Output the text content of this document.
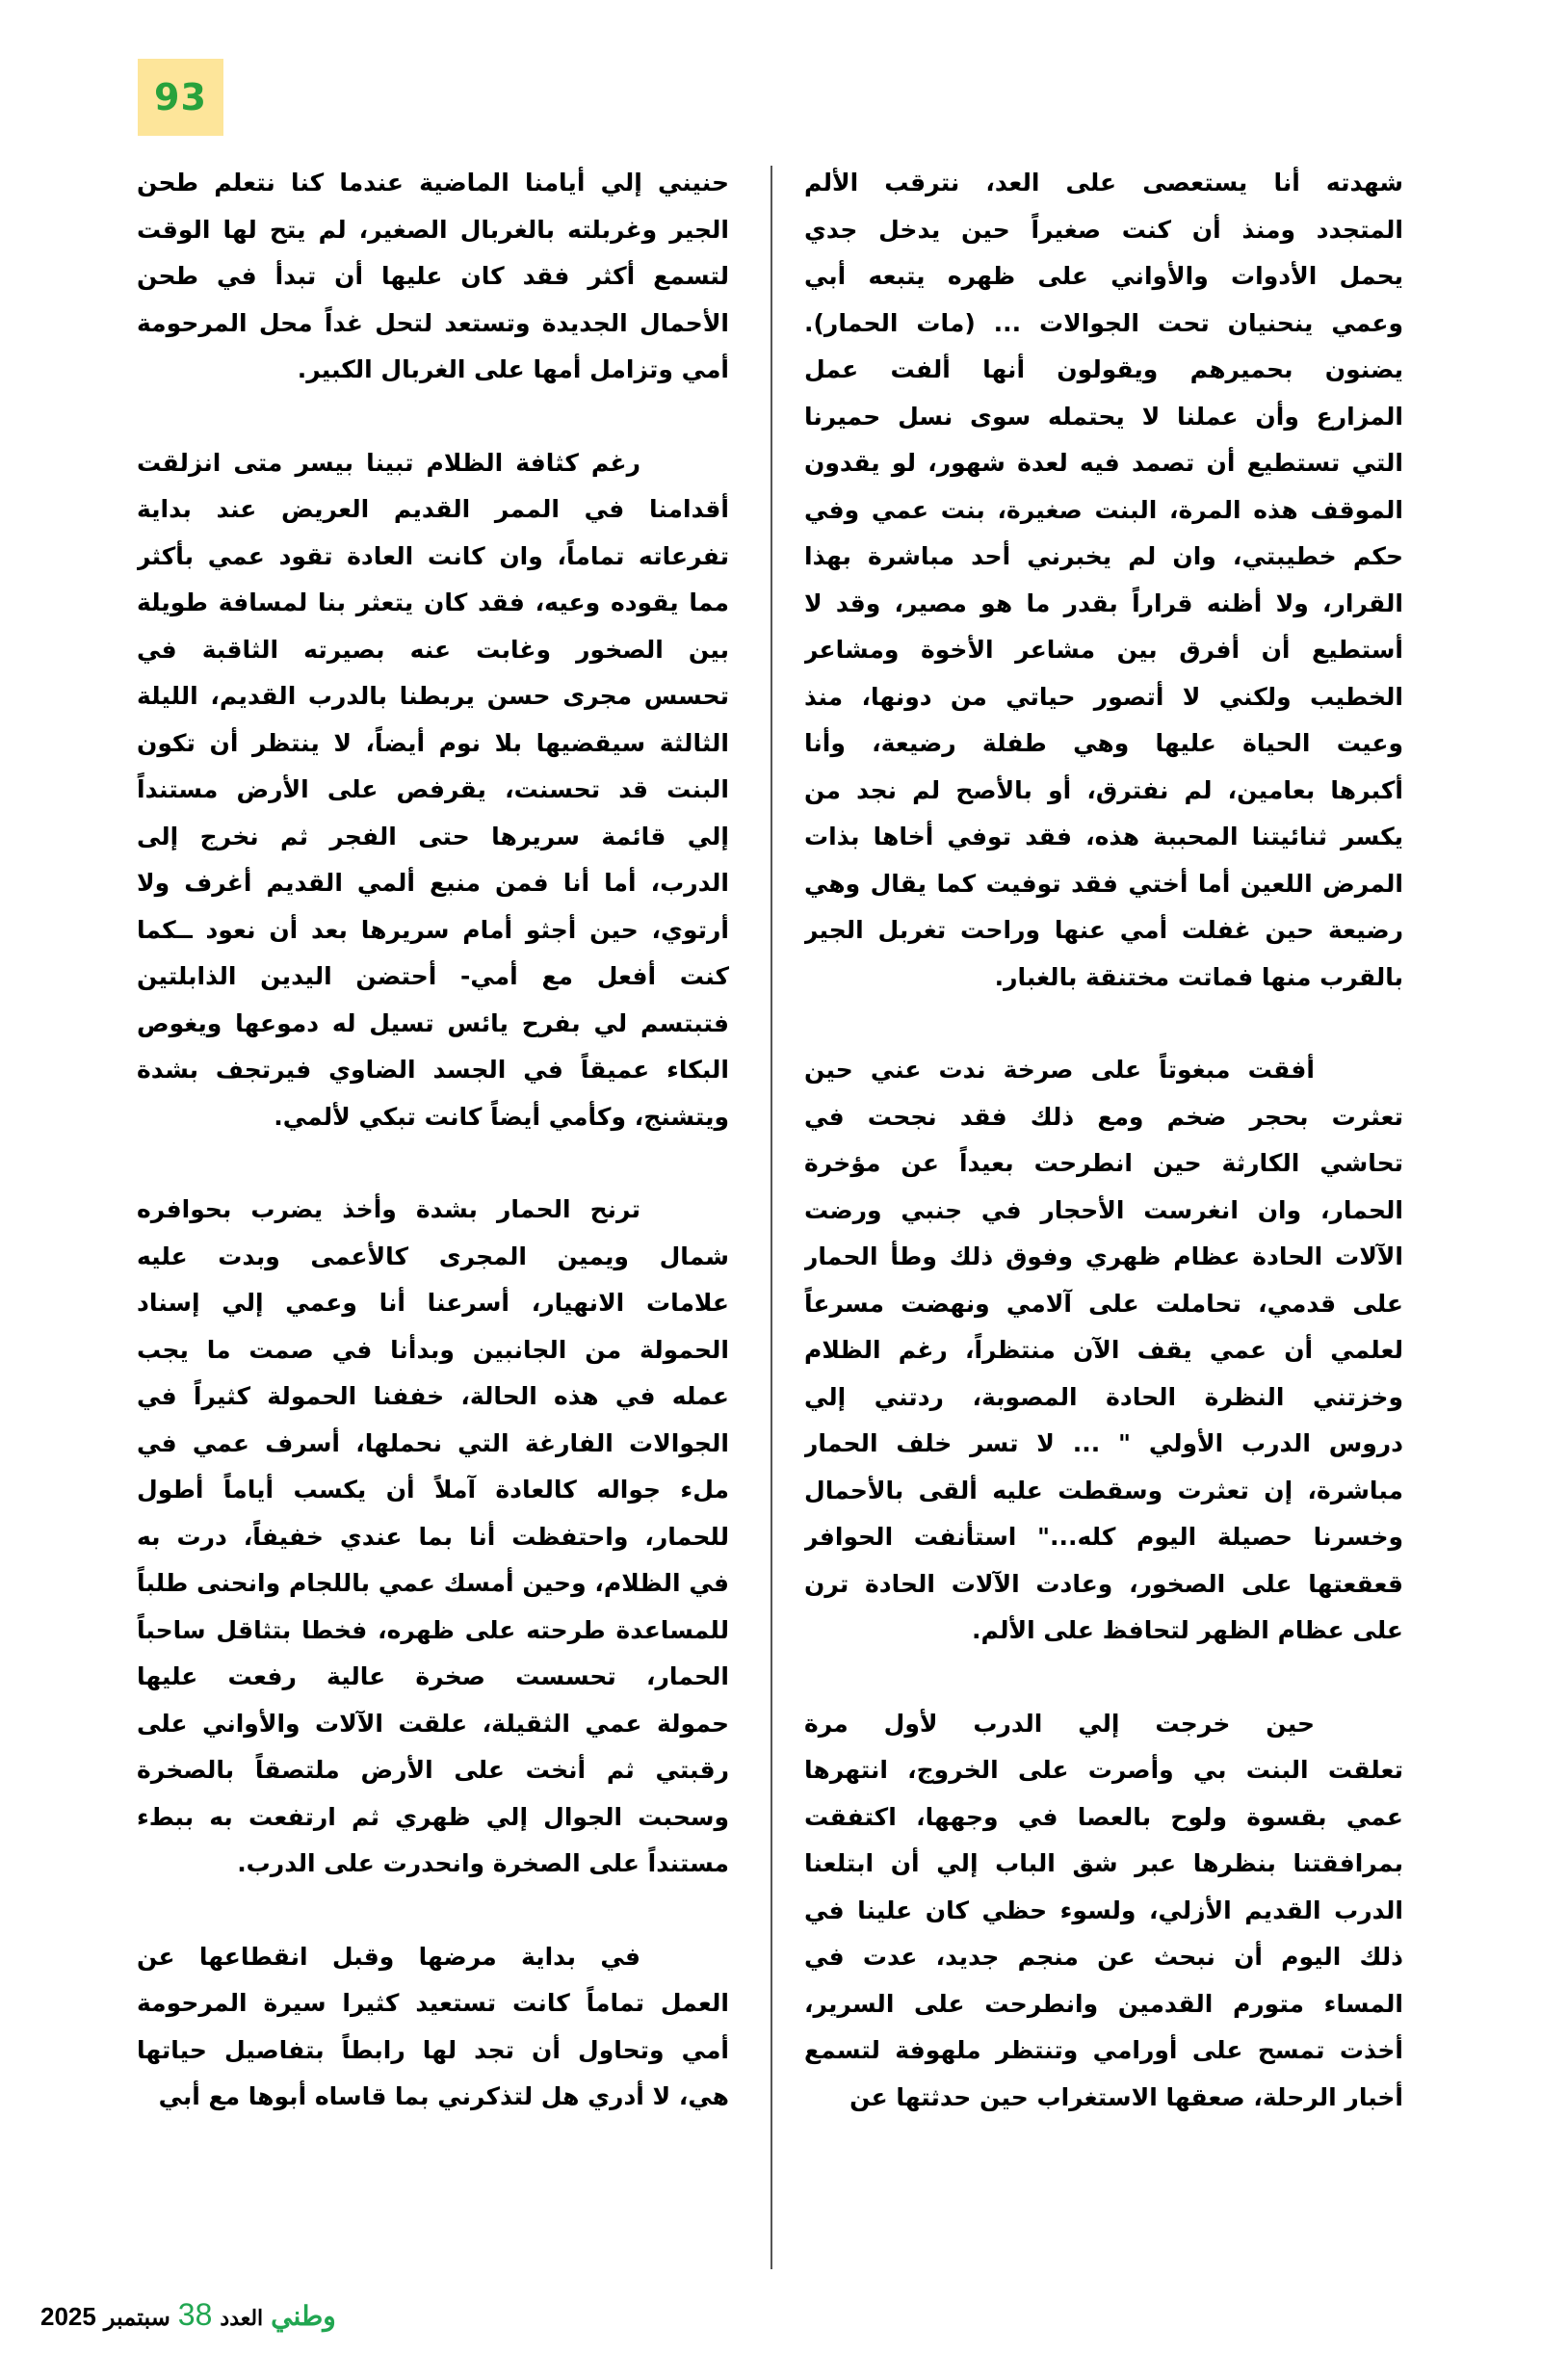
93
شهدته أنا يستعصى على العد، نترقب الألم
المتجدد ومنذ أن كنت صغيراً حين يدخل جدي
يحمل الأدوات والأواني على ظهره يتبعه أبي
وعمي ينحنيان تحت الجوالات ... (مات الحمار).
يضنون بحميرهم ويقولون أنها ألفت عمل
المزارع وأن عملنا لا يحتمله سوى نسل حميرنا
التي تستطيع أن تصمد فيه لعدة شهور، لو يقدون
الموقف هذه المرة، البنت صغيرة، بنت عمي وفي
حكم خطيبتي، وان لم يخبرني أحد مباشرة بهذا
القرار، ولا أظنه قراراً بقدر ما هو مصير، وقد لا
أستطيع أن أفرق بين مشاعر الأخوة ومشاعر
الخطيب ولكني لا أتصور حياتي من دونها، منذ
وعيت الحياة عليها وهي طفلة رضيعة، وأنا
أكبرها بعامين، لم نفترق، أو بالأصح لم نجد من
يكسر ثنائيتنا المحببة هذه، فقد توفي أخاها بذات
المرض اللعين أما أختي فقد توفيت كما يقال وهي
رضيعة حين غفلت أمي عنها وراحت تغربل الجير
بالقرب منها فماتت مختنقة بالغبار.
أفقت مبغوتاً على صرخة ندت عني حين
تعثرت بحجر ضخم ومع ذلك فقد نجحت في
تحاشي الكارثة حين انطرحت بعيداً عن مؤخرة
الحمار، وان انغرست الأحجار في جنبي ورضت
الآلات الحادة عظام ظهري وفوق ذلك وطأ الحمار
على قدمي، تحاملت على آلامي ونهضت مسرعاً
لعلمي أن عمي يقف الآن منتظراً، رغم الظلام
وخزتني النظرة الحادة المصوبة، ردتني إلي
دروس الدرب الأولي " ... لا تسر خلف الحمار
مباشرة، إن تعثرت وسقطت عليه ألقى بالأحمال
وخسرنا حصيلة اليوم كله..." استأنفت الحوافر
قعقعتها على الصخور، وعادت الآلات الحادة ترن
على عظام الظهر لتحافظ على الألم.
حين خرجت إلي الدرب لأول مرة
تعلقت البنت بي وأصرت على الخروج، انتهرها
عمي بقسوة ولوح بالعصا في وجهها، اكتفقت
بمرافقتنا بنظرها عبر شق الباب إلي أن ابتلعنا
الدرب القديم الأزلي، ولسوء حظي كان علينا في
ذلك اليوم أن نبحث عن منجم جديد، عدت في
المساء متورم القدمين وانطرحت على السرير،
أخذت تمسح على أورامي وتنتظر ملهوفة لتسمع
أخبار الرحلة، صعقها الاستغراب حين حدثتها عن
حنيني إلي أيامنا الماضية عندما كنا نتعلم طحن
الجير وغربلته بالغربال الصغير، لم يتح لها الوقت
لتسمع أكثر فقد كان عليها أن تبدأ في طحن
الأحمال الجديدة وتستعد لتحل غداً محل المرحومة
أمي وتزامل أمها على الغربال الكبير.
رغم كثافة الظلام تبينا بيسر متى انزلقت
أقدامنا في الممر القديم العريض عند بداية
تفرعاته تماماً، وان كانت العادة تقود عمي بأكثر
مما يقوده وعيه، فقد كان يتعثر بنا لمسافة طويلة
بين الصخور وغابت عنه بصيرته الثاقبة في
تحسس مجرى حسن يربطنا بالدرب القديم، الليلة
الثالثة سيقضيها بلا نوم أيضاً، لا ينتظر أن تكون
البنت قد تحسنت، يقرفص على الأرض مستنداً
إلي قائمة سريرها حتى الفجر ثم نخرج إلى
الدرب، أما أنا فمن منبع ألمي القديم أغرف ولا
أرتوي، حين أجثو أمام سريرها بعد أن نعود ــكما
كنت أفعل مع أمي- أحتضن اليدين الذابلتين
فتبتسم لي بفرح يائس تسيل له دموعها ويغوص
البكاء عميقاً في الجسد الضاوي فيرتجف بشدة
ويتشنج، وكأمي أيضاً كانت تبكي لألمي.
ترنح الحمار بشدة وأخذ يضرب بحوافره
شمال ويمين المجرى كالأعمى وبدت عليه
علامات الانهيار، أسرعنا أنا وعمي إلي إسناد
الحمولة من الجانبين وبدأنا في صمت ما يجب
عمله في هذه الحالة، خففنا الحمولة كثيراً في
الجوالات الفارغة التي نحملها، أسرف عمي في
ملء جواله كالعادة آملاً أن يكسب أياماً أطول
للحمار، واحتفظت أنا بما عندي خفيفاً، درت به
في الظلام، وحين أمسك عمي باللجام وانحنى طلباً
للمساعدة طرحته على ظهره، فخطا بتثاقل ساحباً
الحمار، تحسست صخرة عالية رفعت عليها
حمولة عمي الثقيلة، علقت الآلات والأواني على
رقبتي ثم أنخت على الأرض ملتصقاً بالصخرة
وسحبت الجوال إلي ظهري ثم ارتفعت به ببطء
مستنداً على الصخرة وانحدرت على الدرب.
في بداية مرضها وقبل انقطاعها عن
العمل تماماً كانت تستعيد كثيرا سيرة المرحومة
أمي وتحاول أن تجد لها رابطاً بتفاصيل حياتها
هي، لا أدري هل لتذكرني بما قاساه أبوها مع أبي
2025 سبتمبر 38 العدد وطني
